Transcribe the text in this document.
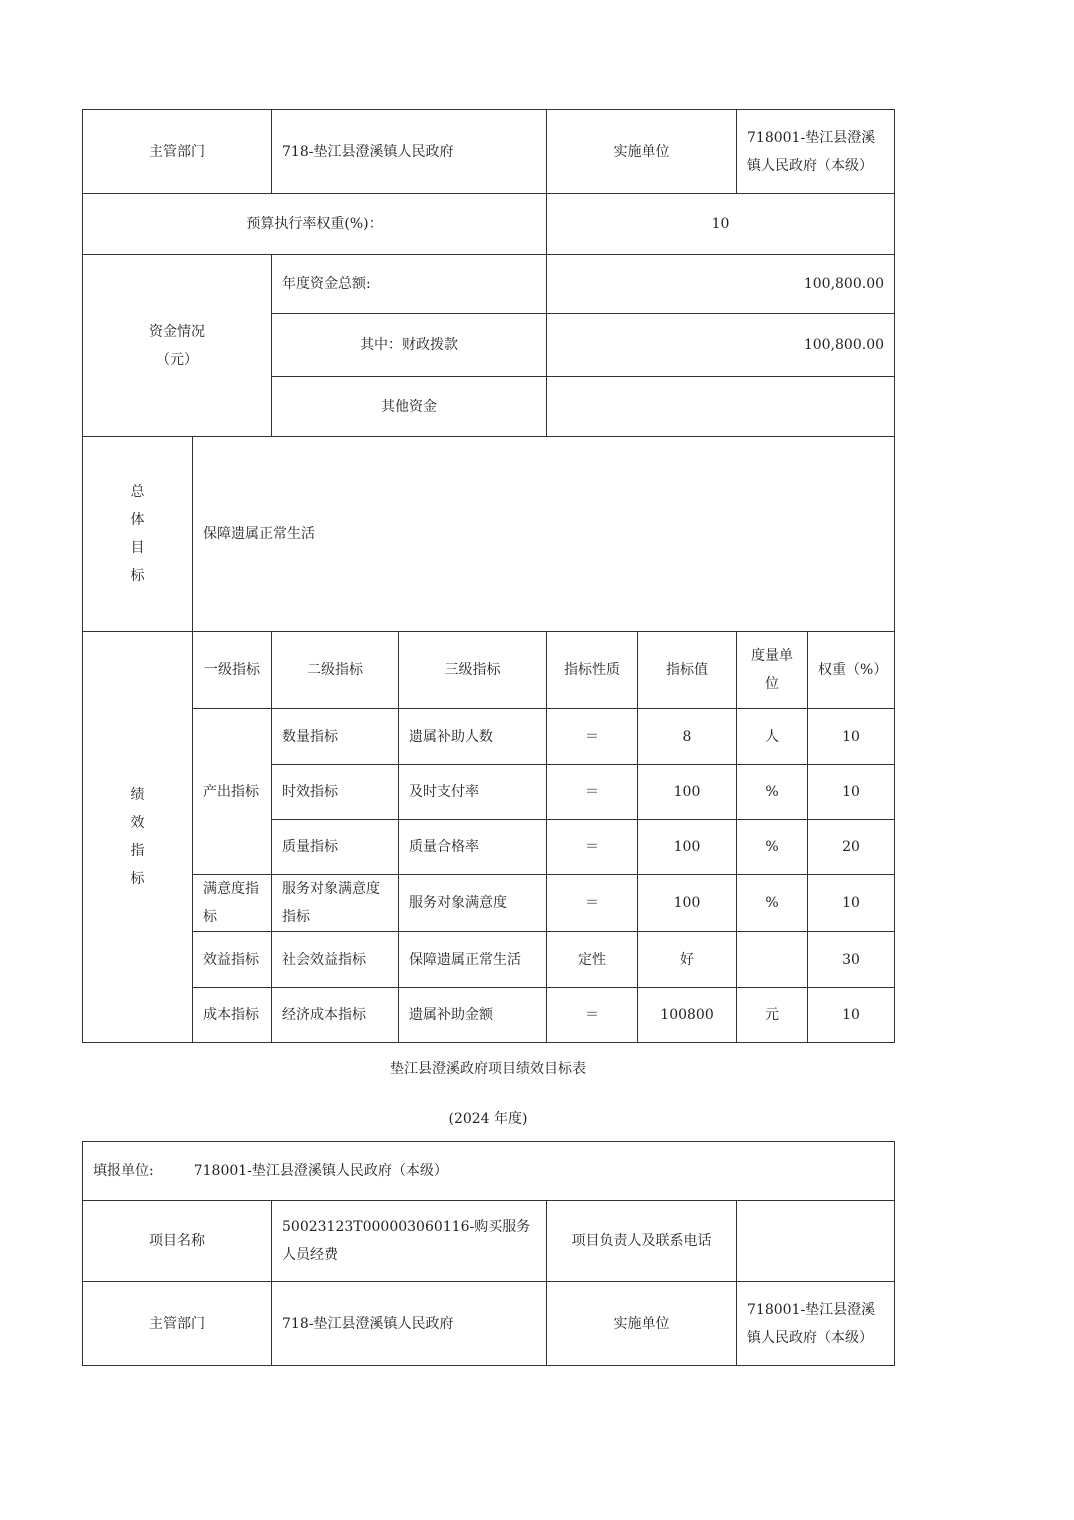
主管部门		718-垫江县澄溪镇人民政府		实施单位		718001-垫江县澄溪镇人民政府（本级）	
预算执行率权重(%)：				10			

资金情况
（元）		年度资金总额:		100,800.00			
		其中：财政拨款		100,800.00			
		其他资金					

总
体
目
标	保障遗属正常生活						

绩
效
指
标	一级指标	二级指标	三级指标	指标性质	指标值	度量单位	权重（%）
	产出指标	数量指标	遗属补助人数	＝	8	人	10
		时效指标	及时支付率	＝	100	%	10
		质量指标	质量合格率	＝	100	%	20
	满意度指标	服务对象满意度指标	服务对象满意度	＝	100	%	10
	效益指标	社会效益指标	保障遗属正常生活	定性	好		30
	成本指标	经济成本指标	遗属补助金额	＝	100800	元	10
垫江县澄溪政府项目绩效目标表
(2024 年度)
填报单位: 718001-垫江县澄溪镇人民政府（本级）			
项目名称	50023123T000003060116-购买服务人员经费	项目负责人及联系电话	
主管部门	718-垫江县澄溪镇人民政府	实施单位	718001-垫江县澄溪镇人民政府（本级）
